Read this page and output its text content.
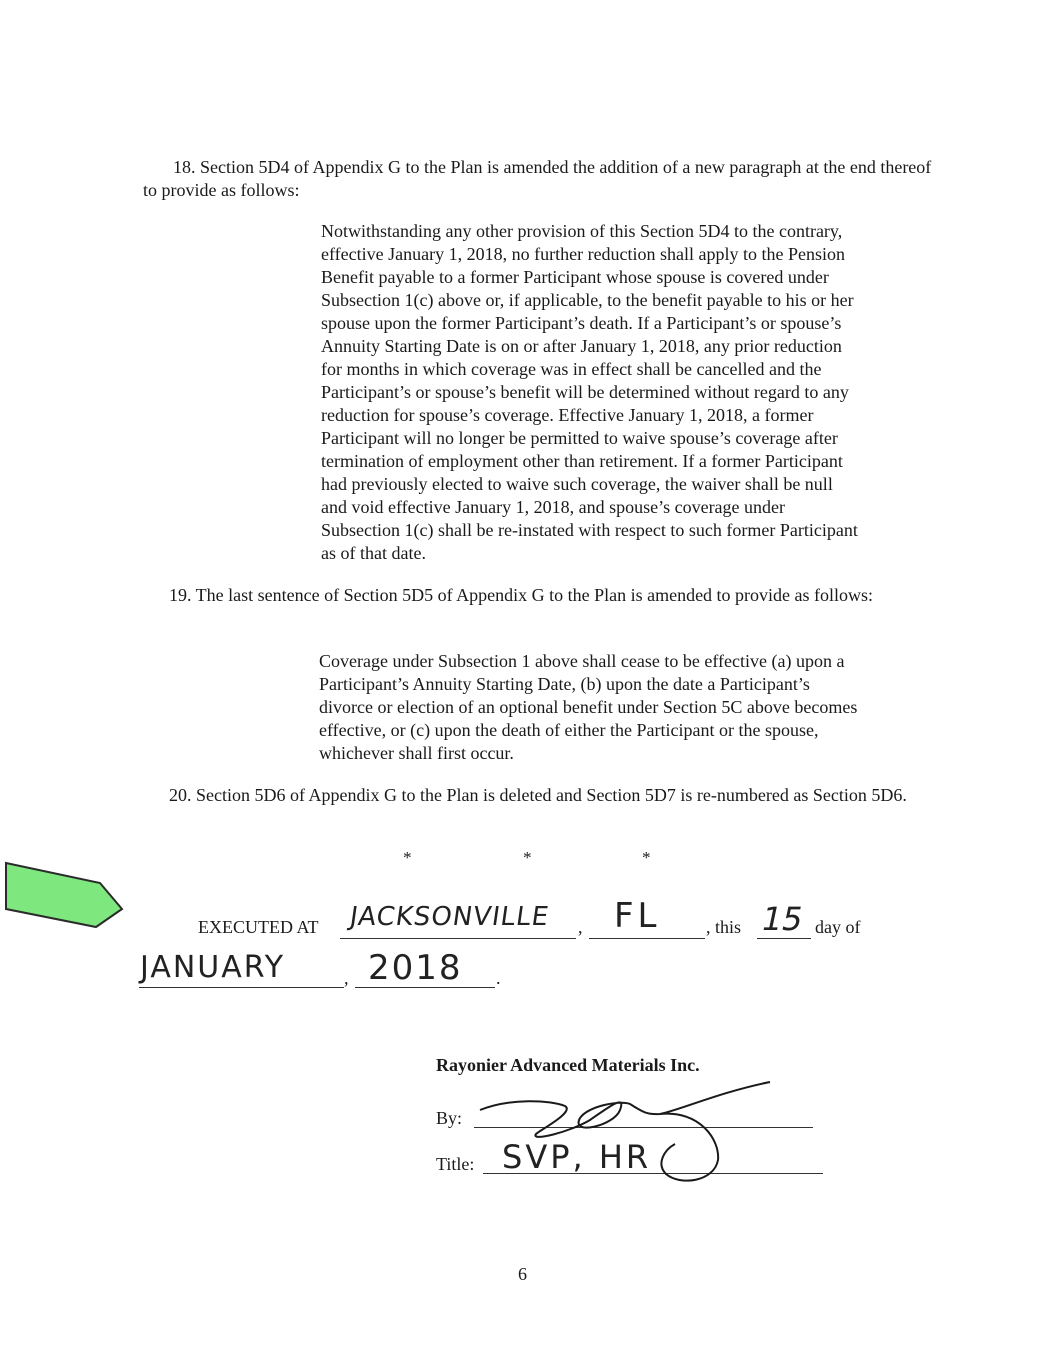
18. Section 5D4 of Appendix G to the Plan is amended the addition of a new paragraph at the end thereof to provide as follows:

Notwithstanding any other provision of this Section 5D4 to the contrary,
effective January 1, 2018, no further reduction shall apply to the Pension
Benefit payable to a former Participant whose spouse is covered under
Subsection 1(c) above or, if applicable, to the benefit payable to his or her
spouse upon the former Participant’s death. If a Participant’s or spouse’s
Annuity Starting Date is on or after January 1, 2018, any prior reduction
for months in which coverage was in effect shall be cancelled and the
Participant’s or spouse’s benefit will be determined without regard to any
reduction for spouse’s coverage. Effective January 1, 2018, a former
Participant will no longer be permitted to waive spouse’s coverage after
termination of employment other than retirement. If a former Participant
had previously elected to waive such coverage, the waiver shall be null
and void effective January 1, 2018, and spouse’s coverage under
Subsection 1(c) shall be re-instated with respect to such former Participant
as of that date.

19. The last sentence of Section 5D5 of Appendix G to the Plan is amended to provide as follows:

Coverage under Subsection 1 above shall cease to be effective (a) upon a
Participant’s Annuity Starting Date, (b) upon the date a Participant’s
divorce or election of an optional benefit under Section 5C above becomes
effective, or (c) upon the death of either the Participant or the spouse,
whichever shall first occur.

20. Section 5D6 of Appendix G to the Plan is deleted and Section 5D7 is re-numbered as Section 5D6.

*	*	*
EXECUTED AT JACKSONVILLE , FL	, this 15 day of
JANUARY	, 2018 .
Rayonier Advanced Materials Inc.
By:
Title: SVP, HR
6
